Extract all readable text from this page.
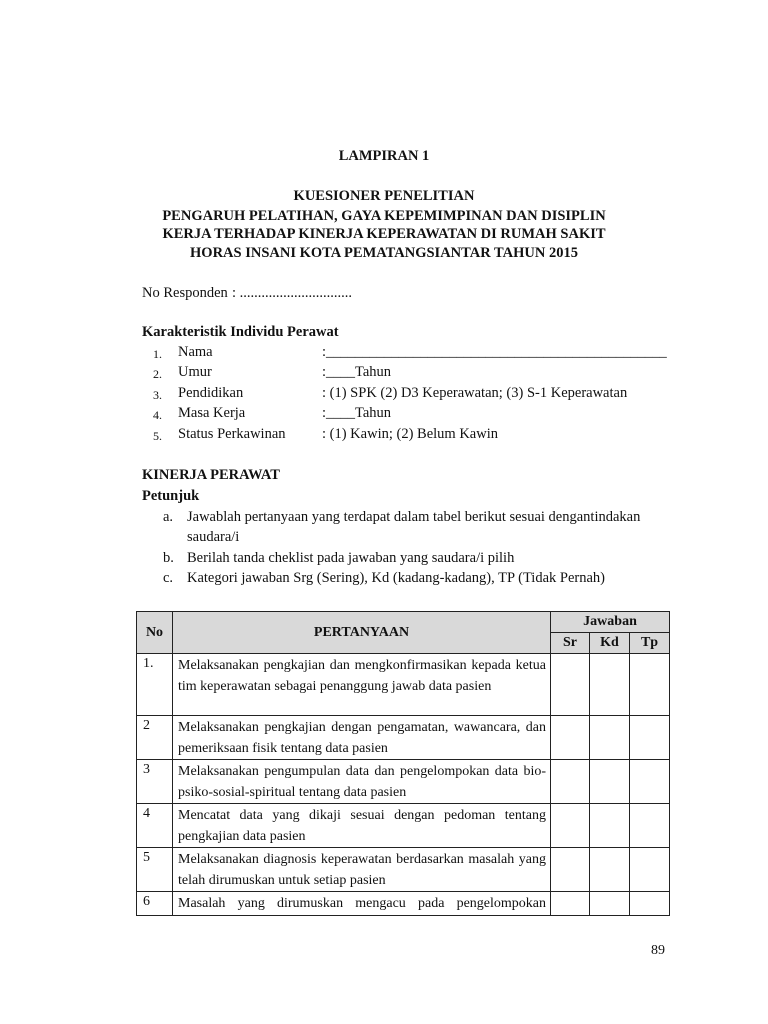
LAMPIRAN 1
KUESIONER PENELITIAN
PENGARUH PELATIHAN, GAYA KEPEMIMPINAN DAN DISIPLIN
KERJA TERHADAP KINERJA KEPERAWATAN DI RUMAH SAKIT
HORAS INSANI KOTA PEMATANGSIANTAR TAHUN 2015
No Responden : ...............................
Karakteristik Individu Perawat
1. Nama	:_______________________________________________
2. Umur	:____Tahun
3. Pendidikan	: (1) SPK (2) D3 Keperawatan; (3) S-1 Keperawatan
4. Masa Kerja	:____Tahun
5. Status Perkawinan	: (1) Kawin; (2) Belum Kawin
KINERJA PERAWAT
Petunjuk
a. Jawablah pertanyaan yang terdapat dalam tabel berikut sesuai dengantindakan
saudara/i
b. Berilah tanda cheklist pada jawaban yang saudara/i pilih
c. Kategori jawaban Srg (Sering), Kd (kadang-kadang), TP (Tidak Pernah)
No	PERTANYAAN	Jawaban		
		Sr	Kd	Tp
1.	Melaksanakan pengkajian dan mengkonfirmasikan kepada ketua tim keperawatan sebagai penanggung jawab data pasien			
2	Melaksanakan pengkajian dengan pengamatan, wawancara, dan pemeriksaan fisik tentang data pasien			
3	Melaksanakan pengumpulan data dan pengelompokan data bio-psiko-sosial-spiritual tentang data pasien			
4	Mencatat data yang dikaji sesuai dengan pedoman tentang pengkajian data pasien			
5	Melaksanakan diagnosis keperawatan berdasarkan masalah yang telah dirumuskan untuk setiap pasien			
6	Masalah yang dirumuskan mengacu pada pengelompokan			
89
